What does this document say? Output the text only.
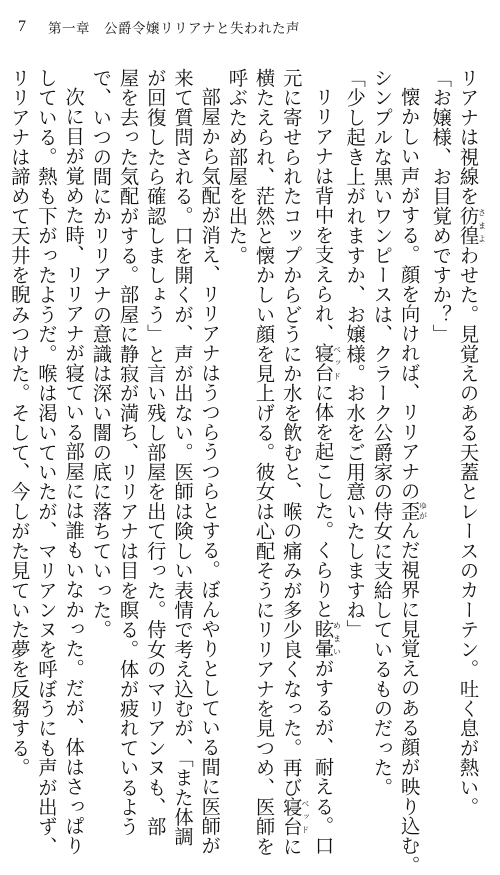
7 第一章　公爵令嬢リリアナと失われた声
リアナは視線を彷徨さまよわせた。見覚えのある天蓋とレースのカーテン。吐く息が熱い。
「お嬢様、お目覚めですか？」
懐かしい声がする。顔を向ければ、リリアナの歪ゆがんだ視界に見覚えのある顔が映り込む。
シンプルな黒いワンピースは、クラーク公爵家の侍女に支給しているものだった。
「少し起き上がれますか、お嬢様。お水をご用意いたしますね」
リリアナは背中を支えられ、寝台ベッドに体を起こした。くらりと眩暈めまいがするが、耐える。口
元に寄せられたコップからどうにか水を飲むと、喉の痛みが多少良くなった。再び寝台ベッドに
横たえられ、茫然と懐かしい顔を見上げる。彼女は心配そうにリリアナを見つめ、医師を
呼ぶため部屋を出た。
部屋から気配が消え、リリアナはうつらうつらとする。ぼんやりとしている間に医師が
来て質問される。口を開くが、声が出ない。医師は険しい表情で考え込むが、「また体調
が回復したら確認しましょう」と言い残し部屋を出て行った。侍女のマリアンヌも、部
屋を去った気配がする。部屋に静寂が満ち、リリアナは目を瞑る。体が疲れているよう
で、いつの間にかリリアナの意識は深い闇の底に落ちていった。
次に目が覚めた時、リリアナが寝ている部屋には誰もいなかった。だが、体はさっぱり
している。熱も下がったようだ。喉は渇いていたが、マリアンヌを呼ぼうにも声が出ず、
リリアナは諦めて天井を睨みつけた。そして、今しがた見ていた夢を反芻する。
